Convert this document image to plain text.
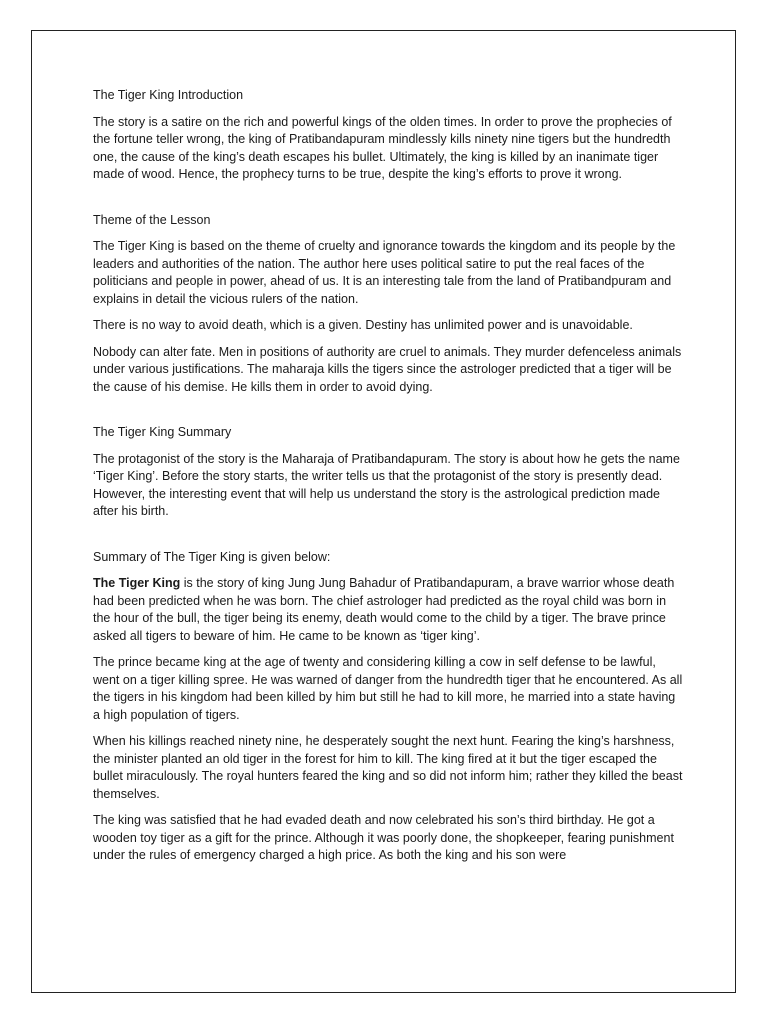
The Tiger King Introduction

The story is a satire on the rich and powerful kings of the olden times. In order to prove the prophecies of the fortune teller wrong, the king of Pratibandapuram mindlessly kills ninety nine tigers but the hundredth one, the cause of the king’s death escapes his bullet. Ultimately, the king is killed by an inanimate tiger made of wood. Hence, the prophecy turns to be true, despite the king’s efforts to prove it wrong.

Theme of the Lesson

The Tiger King is based on the theme of cruelty and ignorance towards the kingdom and its people by the leaders and authorities of the nation. The author here uses political satire to put the real faces of the politicians and people in power, ahead of us. It is an interesting tale from the land of Pratibandpuram and explains in detail the vicious rulers of the nation.

There is no way to avoid death, which is a given. Destiny has unlimited power and is unavoidable.

Nobody can alter fate. Men in positions of authority are cruel to animals. They murder defenceless animals under various justifications. The maharaja kills the tigers since the astrologer predicted that a tiger will be the cause of his demise. He kills them in order to avoid dying.

The Tiger King Summary

The protagonist of the story is the Maharaja of Pratibandapuram. The story is about how he gets the name ‘Tiger King’. Before the story starts, the writer tells us that the protagonist of the story is presently dead. However, the interesting event that will help us understand the story is the astrological prediction made after his birth.

Summary of The Tiger King is given below:

The Tiger King is the story of king Jung Jung Bahadur of Pratibandapuram, a brave warrior whose death had been predicted when he was born. The chief astrologer had predicted as the royal child was born in the hour of the bull, the tiger being its enemy, death would come to the child by a tiger. The brave prince asked all tigers to beware of him. He came to be known as ‘tiger king’.

The prince became king at the age of twenty and considering killing a cow in self defense to be lawful, went on a tiger killing spree. He was warned of danger from the hundredth tiger that he encountered. As all the tigers in his kingdom had been killed by him but still he had to kill more, he married into a state having a high population of tigers.

When his killings reached ninety nine, he desperately sought the next hunt. Fearing the king’s harshness, the minister planted an old tiger in the forest for him to kill. The king fired at it but the tiger escaped the bullet miraculously. The royal hunters feared the king and so did not inform him; rather they killed the beast themselves.

The king was satisfied that he had evaded death and now celebrated his son’s third birthday. He got a wooden toy tiger as a gift for the prince. Although it was poorly done, the shopkeeper, fearing punishment under the rules of emergency charged a high price. As both the king and his son were
